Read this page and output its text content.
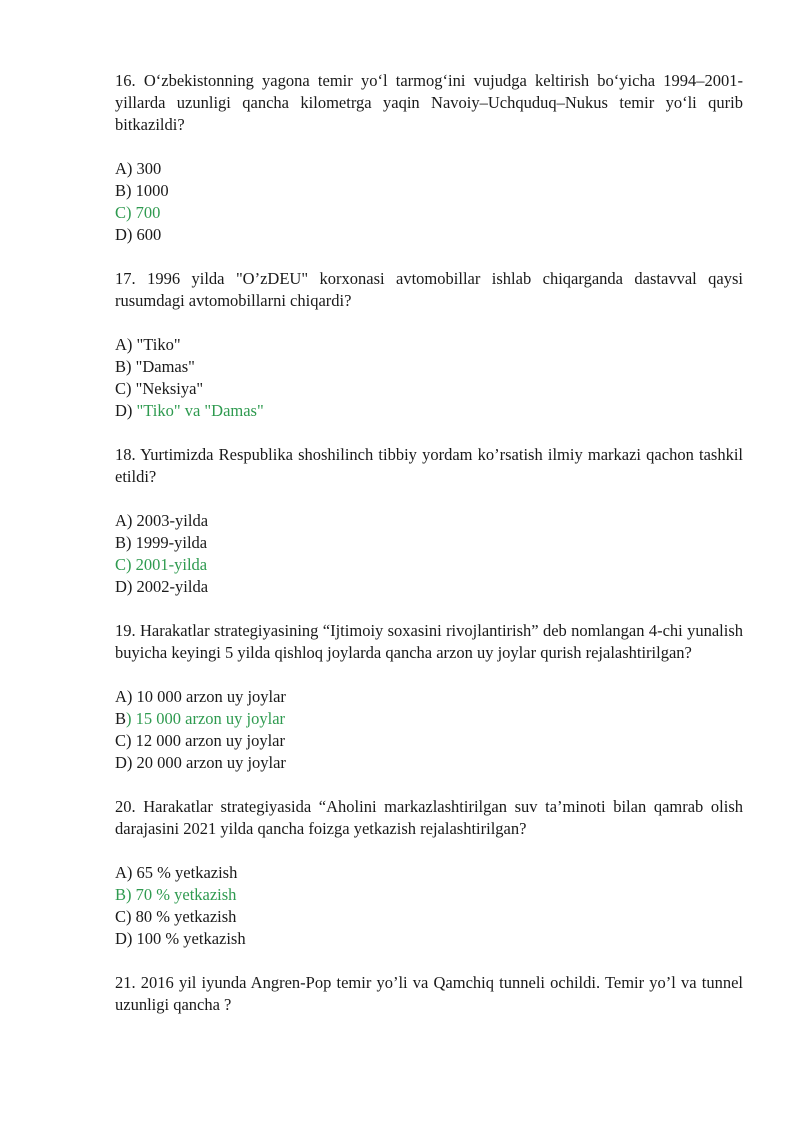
16. O‘zbekistonning yagona temir yo‘l tarmog‘ini vujudga keltirish bo‘yicha 1994–2001-yillarda uzunligi qancha kilometrga yaqin Navoiy–Uchquduq–Nukus temir yo‘li qurib bitkazildi?

A) 300
B) 1000
C) 700
D) 600

17. 1996 yilda "O’zDEU" korxonasi avtomobillar ishlab chiqarganda dastavval qaysi rusumdagi avtomobillarni chiqardi?

A) "Tiko"
B) "Damas"
C) "Neksiya"
D) "Tiko" va "Damas"

18. Yurtimizda Respublika shoshilinch tibbiy yordam ko’rsatish ilmiy markazi qachon tashkil etildi?

A) 2003-yilda
B) 1999-yilda
C) 2001-yilda
D) 2002-yilda

19. Harakatlar strategiyasining “Ijtimoiy soxasini rivojlantirish” deb nomlangan 4-chi yunalish buyicha keyingi 5 yilda qishloq joylarda qancha arzon uy joylar qurish rejalashtirilgan?

A) 10 000 arzon uy joylar
B) 15 000 arzon uy joylar
C) 12 000 arzon uy joylar
D) 20 000 arzon uy joylar

20. Harakatlar strategiyasida “Aholini markazlashtirilgan suv ta’minoti bilan qamrab olish darajasini 2021 yilda qancha foizga yetkazish rejalashtirilgan?

A) 65 % yetkazish
B) 70 % yetkazish
C) 80 % yetkazish
D) 100 % yetkazish

21. 2016 yil iyunda Angren-Pop temir yo’li va Qamchiq tunneli ochildi. Temir yo’l va tunnel uzunligi qancha ?
